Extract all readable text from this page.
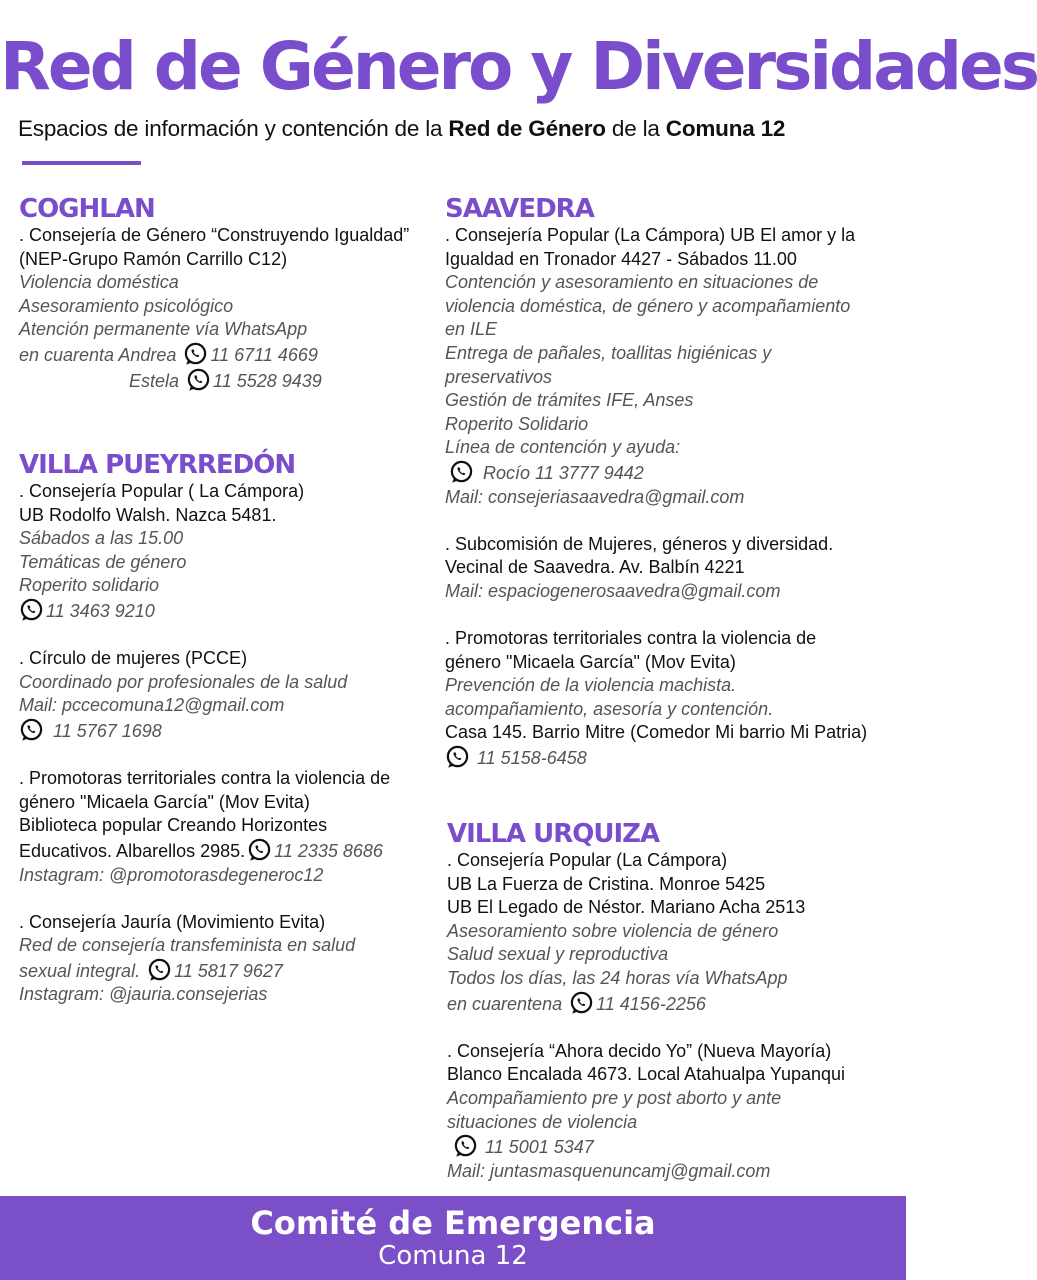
Red de Género y Diversidades
Espacios de información y contención de la Red de Género de la Comuna 12
COGHLAN
. Consejería de Género “Construyendo Igualdad”
(NEP-Grupo Ramón Carrillo C12)
Violencia doméstica
Asesoramiento psicológico
Atención permanente vía WhatsApp
en cuarenta Andrea 11 6711 4669
Estela 11 5528 9439
VILLA PUEYRREDÓN
. Consejería Popular ( La Cámpora)
UB Rodolfo Walsh. Nazca 5481.
Sábados a las 15.00
Temáticas de género
Roperito solidario
11 3463 9210
. Círculo de mujeres (PCCE)
Coordinado por profesionales de la salud
Mail: pccecomuna12@gmail.com
11 5767 1698
. Promotoras territoriales contra la violencia de
género "Micaela García" (Mov Evita)
Biblioteca popular Creando Horizontes
Educativos. Albarellos 2985. 11 2335 8686
Instagram: @promotorasdegeneroc12
. Consejería Jauría (Movimiento Evita)
Red de consejería transfeminista en salud
sexual integral. 11 5817 9627
Instagram: @jauria.consejerias
SAAVEDRA
. Consejería Popular (La Cámpora) UB El amor y la
Igualdad en Tronador 4427 - Sábados 11.00
Contención y asesoramiento en situaciones de
violencia doméstica, de género y acompañamiento
en ILE
Entrega de pañales, toallitas higiénicas y
preservativos
Gestión de trámites IFE, Anses
Roperito Solidario
Línea de contención y ayuda:
Rocío 11 3777 9442
Mail: consejeriasaavedra@gmail.com
. Subcomisión de Mujeres, géneros y diversidad.
Vecinal de Saavedra. Av. Balbín 4221
Mail: espaciogenerosaavedra@gmail.com
. Promotoras territoriales contra la violencia de
género "Micaela García" (Mov Evita)
Prevención de la violencia machista.
acompañamiento, asesoría y contención.
Casa 145. Barrio Mitre (Comedor Mi barrio Mi Patria)
11 5158-6458
VILLA URQUIZA
. Consejería Popular (La Cámpora)
UB La Fuerza de Cristina. Monroe 5425
UB El Legado de Néstor. Mariano Acha 2513
Asesoramiento sobre violencia de género
Salud sexual y reproductiva
Todos los días, las 24 horas vía WhatsApp
en cuarentena 11 4156-2256
. Consejería “Ahora decido Yo” (Nueva Mayoría)
Blanco Encalada 4673. Local Atahualpa Yupanqui
Acompañamiento pre y post aborto y ante
situaciones de violencia
11 5001 5347
Mail: juntasmasquenuncamj@gmail.com
Comité de Emergencia
Comuna 12
